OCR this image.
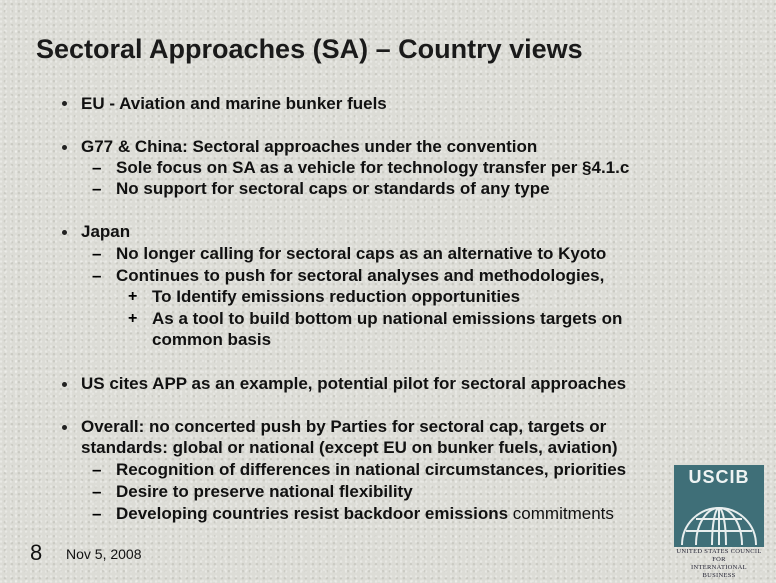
Sectoral Approaches (SA) – Country views
EU - Aviation and marine bunker fuels
G77 & China: Sectoral approaches under the convention
– Sole focus on SA as a vehicle for technology transfer per §4.1.c
– No support for sectoral caps or standards of any type
Japan
– No longer calling for sectoral caps as an alternative to Kyoto
– Continues to push for sectoral analyses and methodologies,
+ To Identify emissions reduction opportunities
+ As a tool to build bottom up national emissions targets on
common basis
US cites APP as an example, potential pilot for sectoral approaches
Overall: no concerted push by Parties for sectoral cap, targets or
standards: global or national (except EU on bunker fuels, aviation)
– Recognition of differences in national circumstances, priorities
– Desire to preserve national flexibility
– Developing countries resist backdoor emissions commitments
8 Nov 5, 2008
USCIB
UNITED STATES COUNCIL FOR
INTERNATIONAL BUSINESS
